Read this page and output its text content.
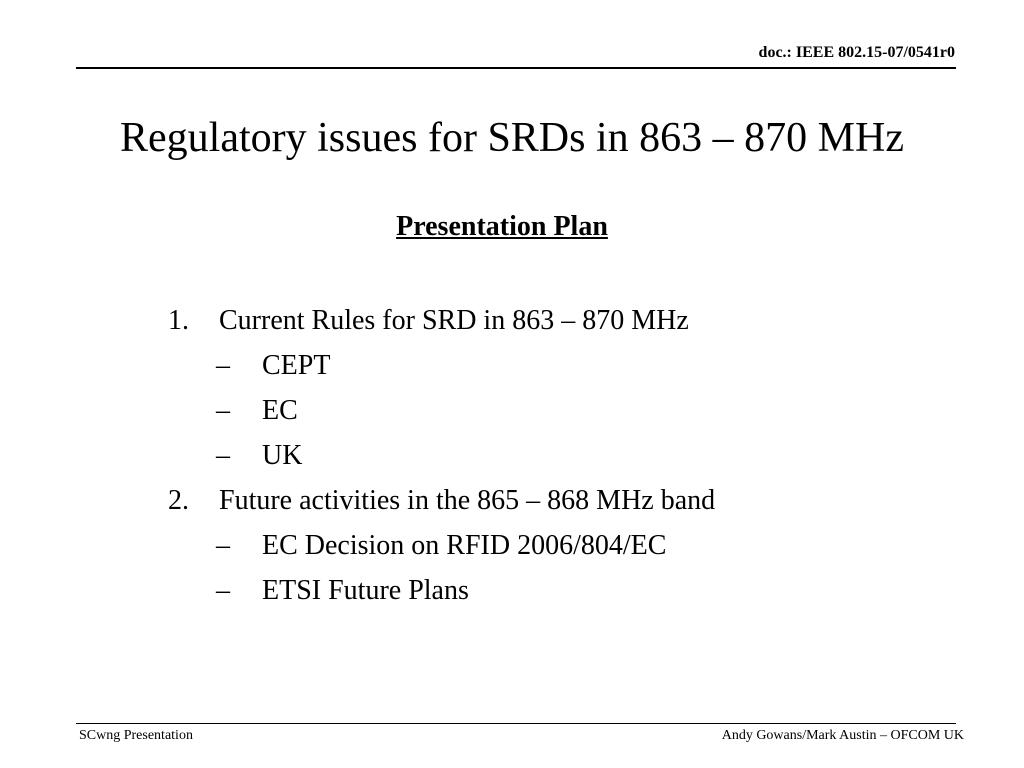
doc.: IEEE 802.15-07/0541r0
Regulatory issues for SRDs in 863 – 870 MHz
Presentation Plan
1. Current Rules for SRD in 863 – 870 MHz
– CEPT
– EC
– UK
2. Future activities in the 865 – 868 MHz band
– EC Decision on RFID 2006/804/EC
– ETSI Future Plans
SCwng Presentation	Andy Gowans/Mark Austin – OFCOM UK
